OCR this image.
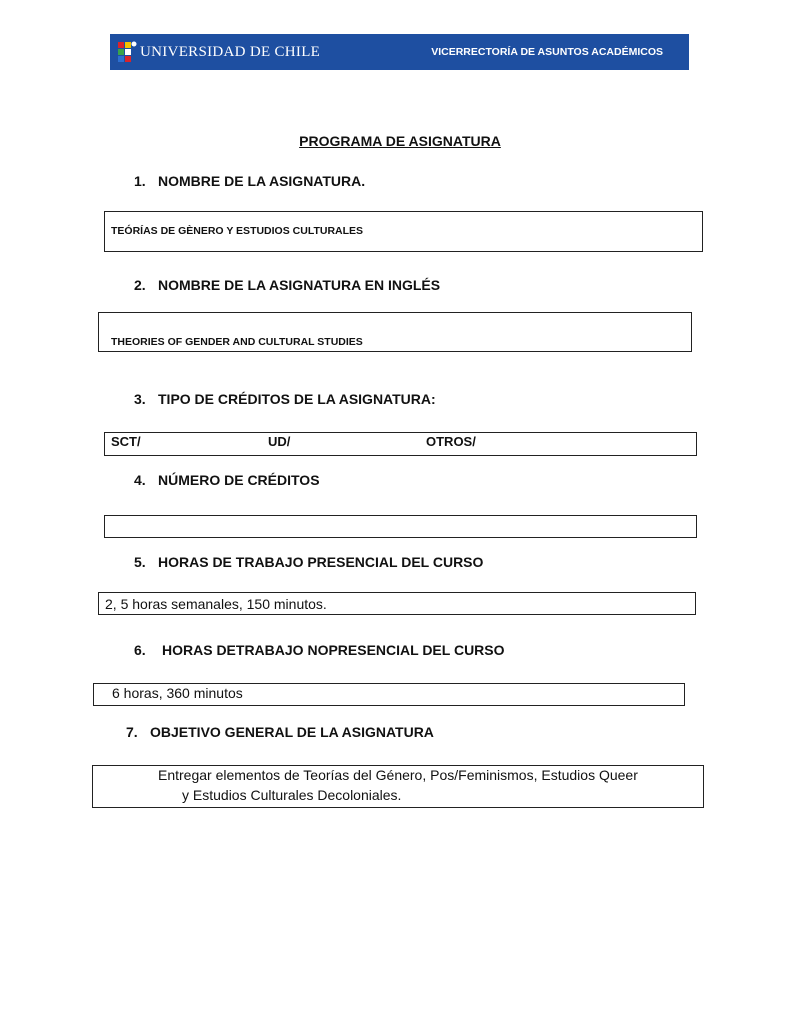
UNIVERSIDAD DE CHILE	VICERRECTORÍA DE ASUNTOS ACADÉMICOS
PROGRAMA DE ASIGNATURA
1. NOMBRE DE LA ASIGNATURA.
TEÓRÍAS DE GÈNERO Y ESTUDIOS CULTURALES
2. NOMBRE DE LA ASIGNATURA EN INGLÉS
THEORIES OF GENDER AND CULTURAL STUDIES
3. TIPO DE CRÉDITOS DE LA ASIGNATURA:
SCT/	UD/	OTROS/
4. NÚMERO DE CRÉDITOS
5. HORAS DE TRABAJO PRESENCIAL DEL CURSO
2, 5 horas semanales, 150 minutos.
6. HORAS DETRABAJO NOPRESENCIAL DEL CURSO
6 horas, 360 minutos
7. OBJETIVO GENERAL DE LA ASIGNATURA
Entregar elementos de Teorías del Género, Pos/Feminismos, Estudios Queer
y Estudios Culturales Decoloniales.
